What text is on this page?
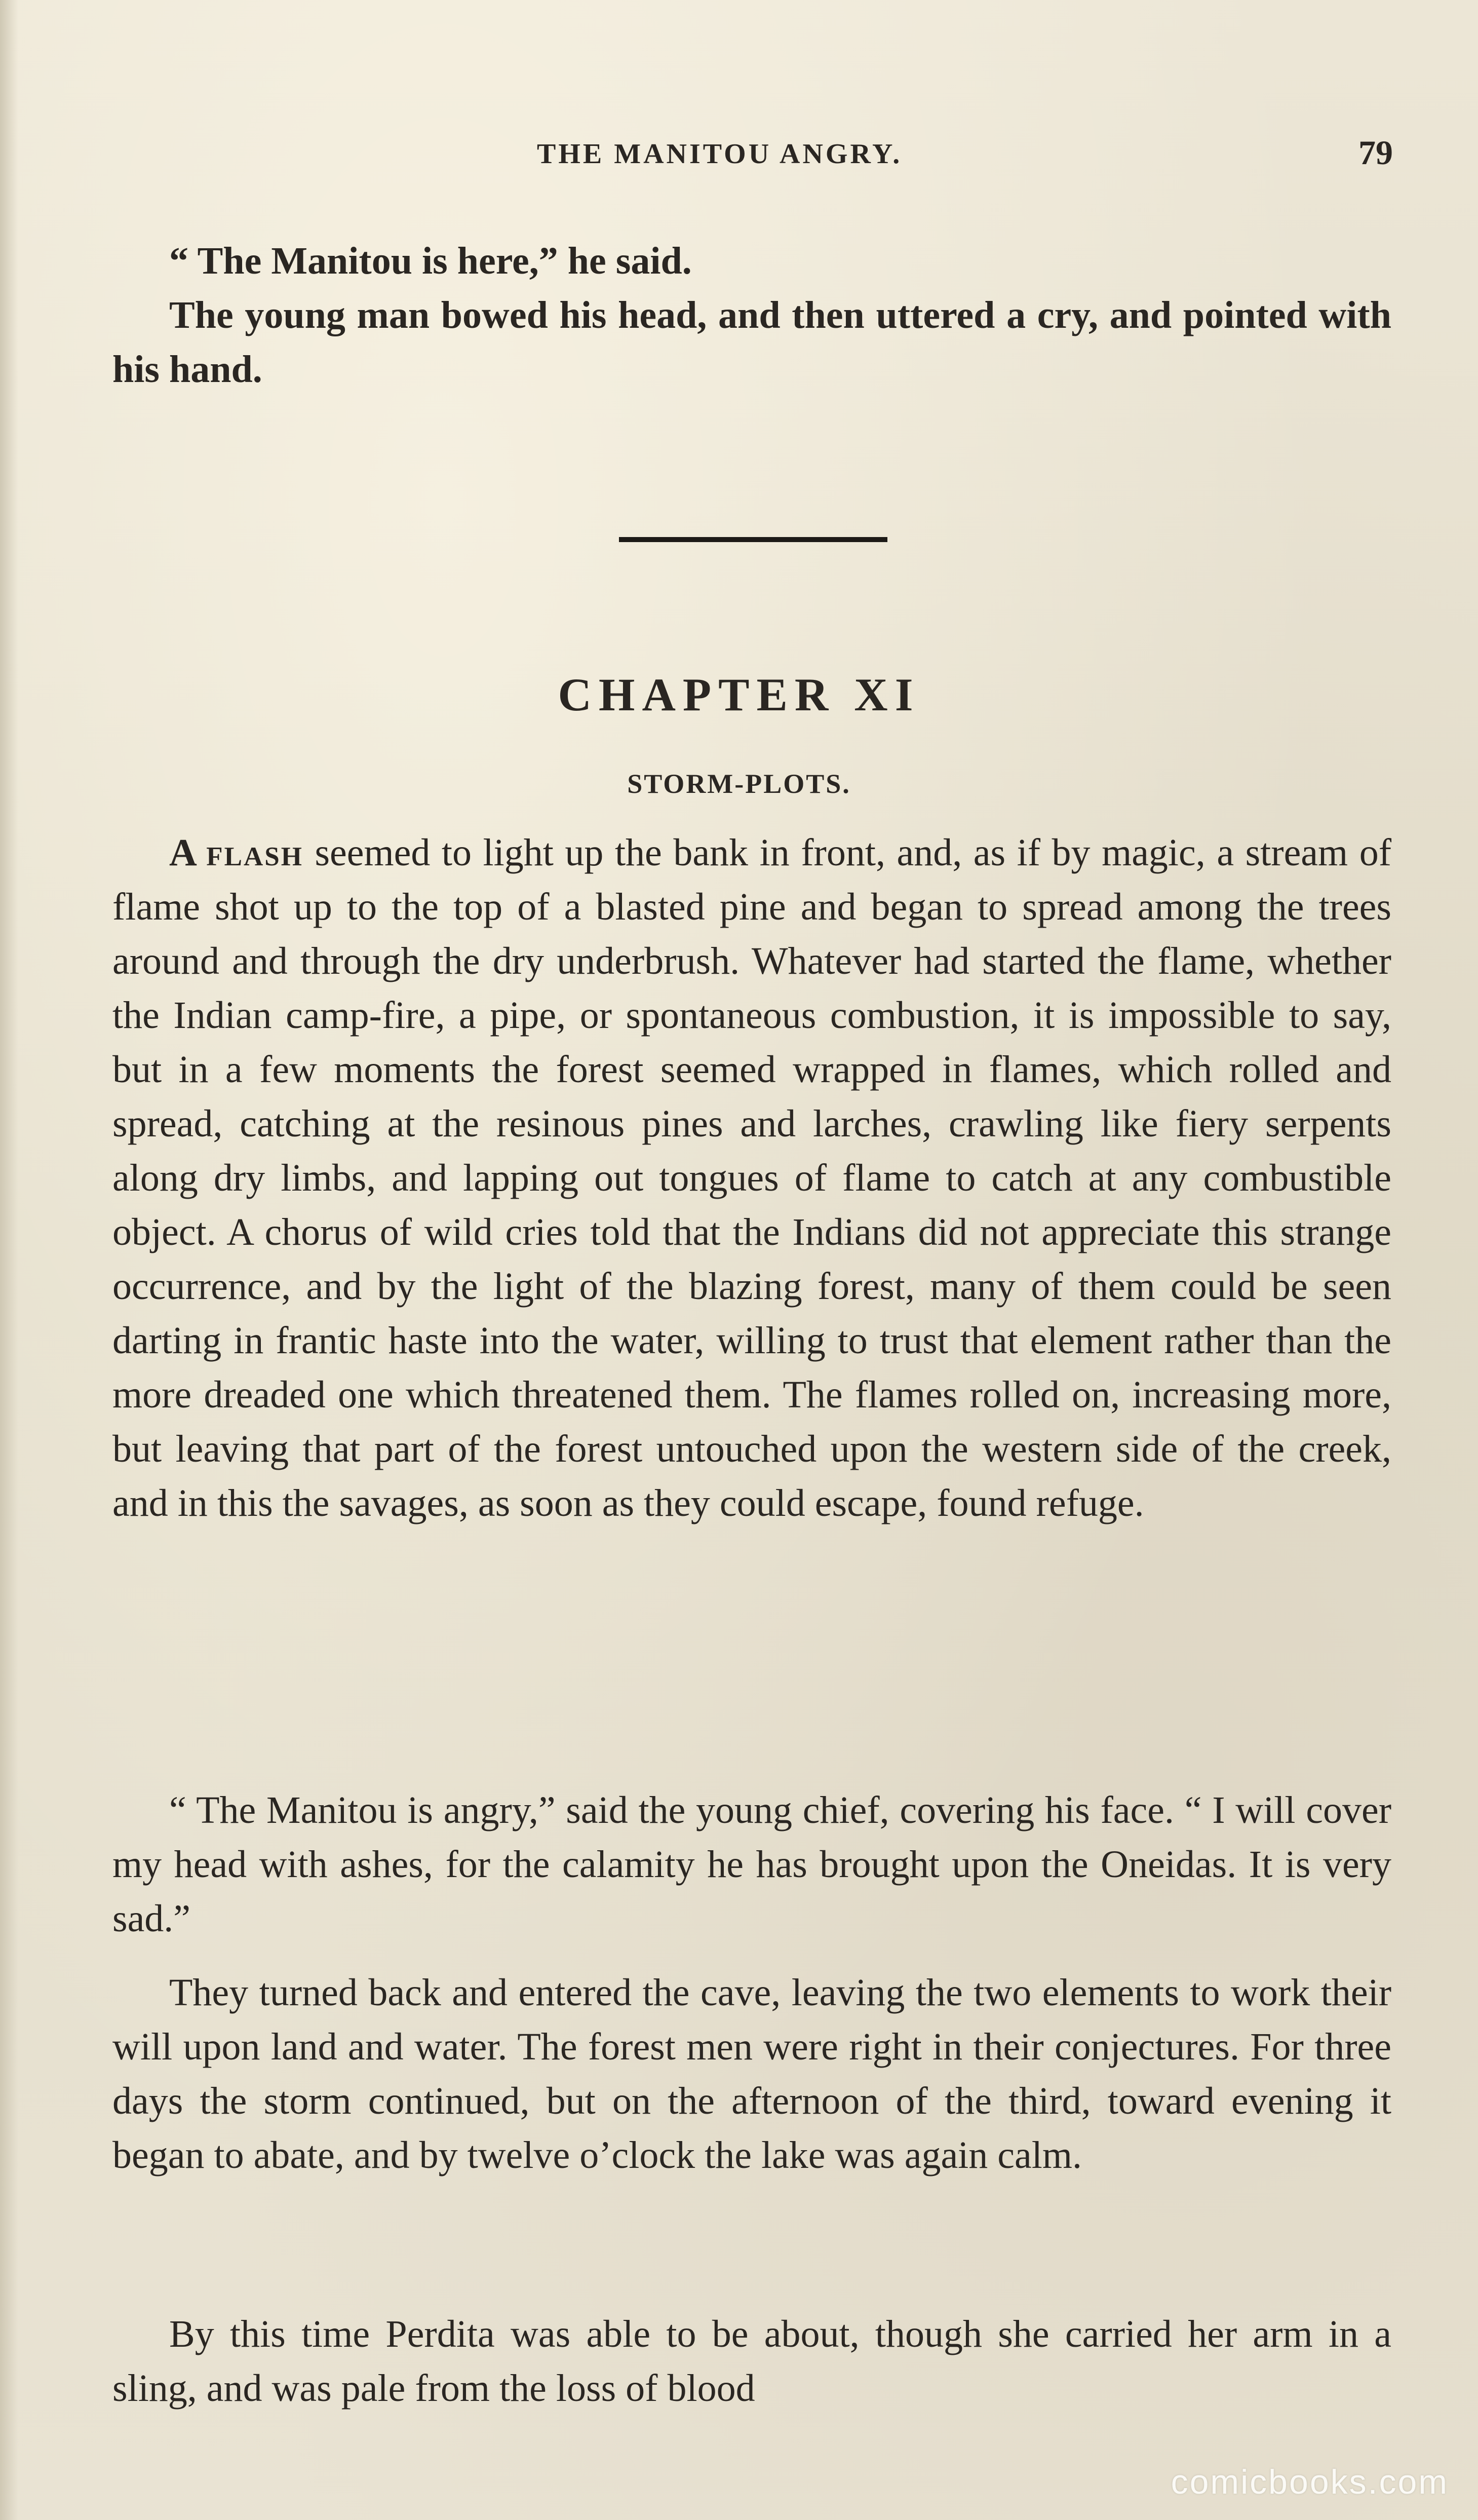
THE MANITOU ANGRY.	79
“ The Manitou is here,” he said.
The young man bowed his head, and then uttered a cry, and pointed with his hand.
CHAPTER XI
STORM-PLOTS.

A flash seemed to light up the bank in front, and, as if by magic, a stream of flame shot up to the top of a blasted pine and began to spread among the trees around and through the dry underbrush. Whatever had started the flame, whether the Indian camp-fire, a pipe, or spontaneous combustion, it is impossible to say, but in a few moments the forest seemed wrapped in flames, which rolled and spread, catching at the resinous pines and larches, crawling like fiery serpents along dry limbs, and lapping out tongues of flame to catch at any combustible object. A chorus of wild cries told that the Indians did not appreciate this strange occurrence, and by the light of the blazing forest, many of them could be seen darting in frantic haste into the water, willing to trust that element rather than the more dreaded one which threatened them. The flames rolled on, increasing more, but leaving that part of the forest untouched upon the western side of the creek, and in this the savages, as soon as they could escape, found refuge.

“ The Manitou is angry,” said the young chief, covering his face. “ I will cover my head with ashes, for the calamity he has brought upon the Oneidas. It is very sad.”

They turned back and entered the cave, leaving the two elements to work their will upon land and water. The forest men were right in their conjectures. For three days the storm continued, but on the afternoon of the third, toward evening it began to abate, and by twelve o’clock the lake was again calm.

By this time Perdita was able to be about, though she carried her arm in a sling, and was pale from the loss of blood

comicbooks.com
